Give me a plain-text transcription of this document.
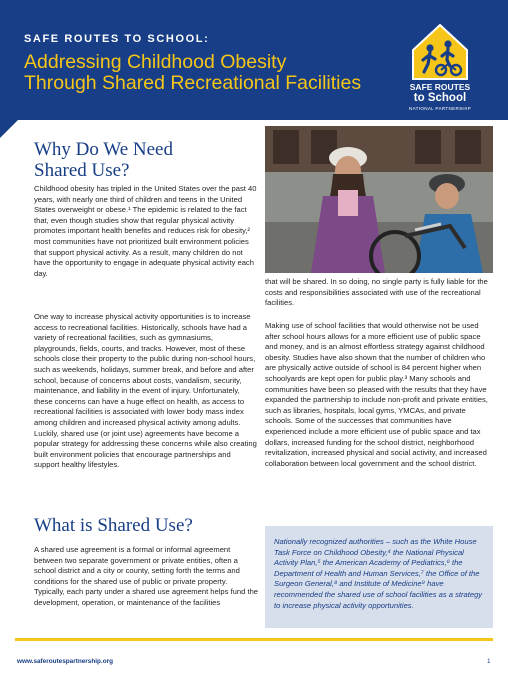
SAFE ROUTES TO SCHOOL:
Addressing Childhood Obesity
Through Shared Recreational Facilities	SAFE ROUTES
to School
NATIONAL PARTNERSHIP
Why Do We Need
Shared Use?

Childhood obesity has tripled in the United States over the past 40 years, with nearly one third of children and teens in the United States overweight or obese.¹ The epidemic is related to the fact that, even though studies show that regular physical activity promotes important health benefits and reduces risk for obesity,² most communities have not prioritized built environment policies that support physical activity. As a result, many children do not have the opportunity to engage in adequate physical activity each day.

One way to increase physical activity opportunities is to increase access to recreational facilities. Historically, schools have had a variety of recreational facilities, such as gymnasiums, playgrounds, fields, courts, and tracks. However, most of these schools close their property to the public during non-school hours, such as weekends, holidays, summer break, and before and after school, because of concerns about costs, vandalism, security, maintenance, and liability in the event of injury. Unfortunately, these concerns can have a huge effect on health, as access to recreational facilities is associated with lower body mass index among children and increased physical activity among adults. Luckily, shared use (or joint use) agreements have become a popular strategy for addressing these concerns while also creating built environment policies that encourage partnerships and support healthy lifestyles.

What is Shared Use?

A shared use agreement is a formal or informal agreement between two separate government or private entities, often a school district and a city or county, setting forth the terms and conditions for the shared use of public or private property. Typically, each party under a shared use agreement helps fund the development, operation, or maintenance of the facilities

that will be shared. In so doing, no single party is fully liable for the costs and responsibilities associated with use of the recreational facilities.

Making use of school facilities that would otherwise not be used after school hours allows for a more efficient use of public space and money, and is an almost effortless strategy against childhood obesity. Studies have also shown that the number of children who are physically active outside of school is 84 percent higher when schoolyards are kept open for public play.³ Many schools and communities have been so pleased with the results that they have expanded the partnership to include non-profit and private entities, such as libraries, hospitals, local gyms, YMCAs, and private schools. Some of the successes that communities have experienced include a more efficient use of public space and tax dollars, increased funding for the school district, neighborhood revitalization, increased physical and social activity, and increased collaboration between local government and the school district.

Nationally recognized authorities – such as the White House Task Force on Childhood Obesity,⁴ the National Physical Activity Plan,⁵ the American Academy of Pediatrics,⁶ the Department of Health and Human Services,⁷ the Office of the Surgeon General,⁸ and Institute of Medicine⁹ have recommended the shared use of school facilities as a strategy to increase physical activity opportunities.

www.saferoutespartnership.org	1
